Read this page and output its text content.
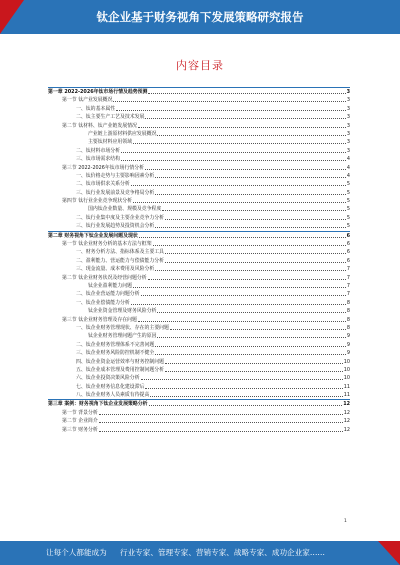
钛企业基于财务视角下发展策略研究报告
内容目录
第一章 2022-2026年钛市场行情及趋势预测	3
第一节 钛产业发展概况	3
一、钛的基本属性	3
二、钛主要生产工艺及技术发展	3
第二节 钛材料、钛产业链发展情况	3
产业链上游原材料供应发展概况	3
主要钛材料应用领域	3
二、钛材料市场分析	3
三、钛市场需求结构	4
第三节 2022-2026年钛市场行情分析	4
一、钛价格走势与主要影响因素分析	4
二、钛市场供求关系分析	5
三、钛行业发展前景及竞争格局分析	5
第四节 钛行业企业竞争现状分析	5
国内钛企业数量、规模及竞争程度	5
二、钛行业集中度及主要企业竞争力分析	5
三、钛行业发展趋势及投资机会分析	5
第二章 财务视角下钛企业发展问题及现状	6
第一节 钛企业财务分析的基本方法与框架	6
一、财务分析方法、指标体系及主要工具	6
二、盈利能力、营运能力与偿债能力分析	6
三、现金流量、成本费用及风险分析	7
第二节 钛企业财务状况及经营问题分析	7
钛企业盈利能力问题	7
二、钛企业营运能力问题分析	7
一、钛企业偿债能力分析	8
钛企业资金管理及财务风险分析	8
第三节 钛企业财务管理及存在问题	8
一、钛企业财务管理现状、存在的主要问题	8
钛企业财务管理问题产生的原因	9
二、钛企业财务管理体系不完善问题	9
三、钛企业财务风险防控机制不健全	9
四、钛企业资金运营效率与财务控制问题	10
五、钛企业成本管理及费用控制问题分析	10
六、钛企业投资决策风险分析	10
七、钛企业财务信息化建设滞后	11
八、钛企业财务人员素质有待提高	11
第三章 案例：财务视角下钛企业发展策略分析	12
第一节 背景分析	12
第二节 企业简介	12
第三节 财务分析	12
1
让每个人都能成为 行业专家、管理专家、营销专家、战略专家、成功企业家……
